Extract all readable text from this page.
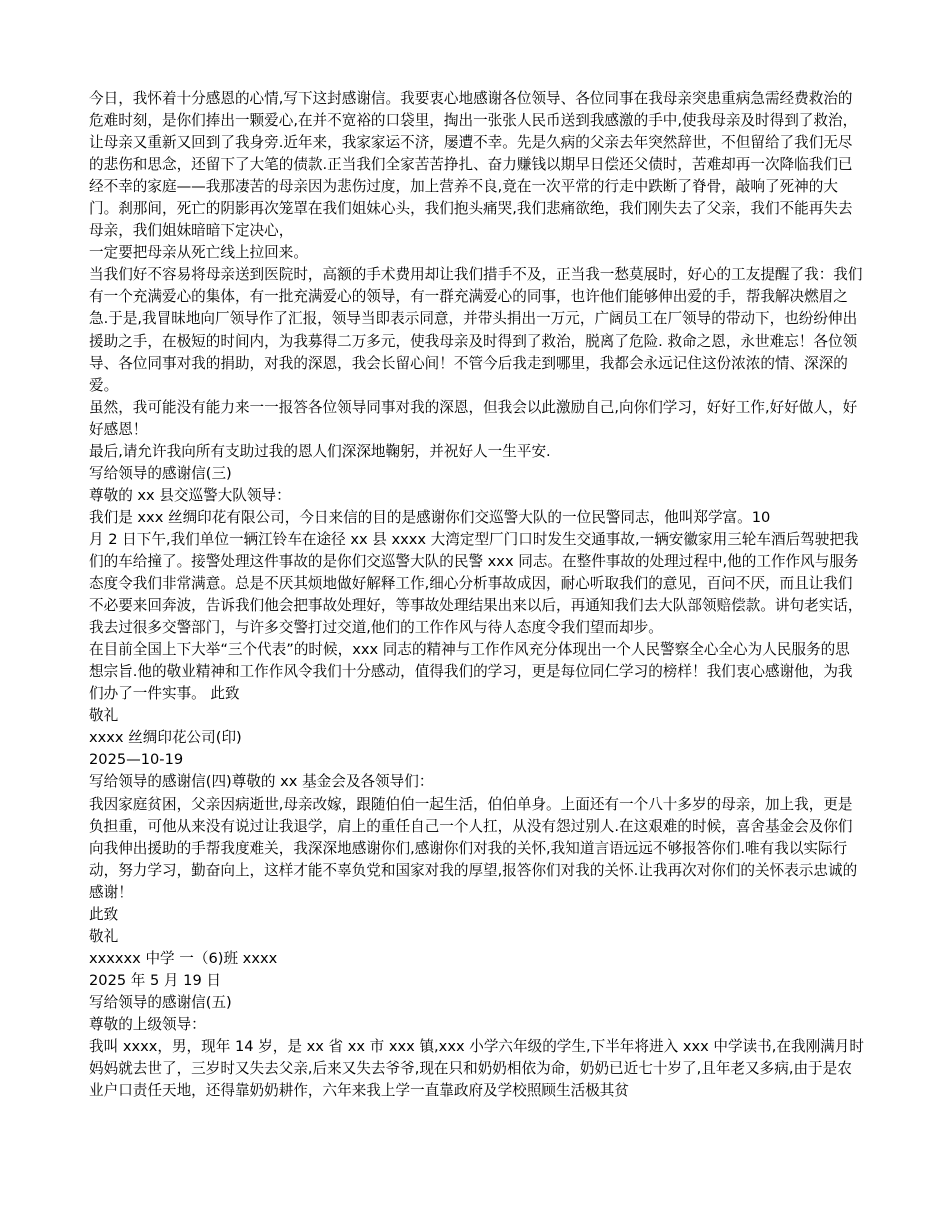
今日，我怀着十分感恩的心情,写下这封感谢信。我要衷心地感谢各位领导、各位同事在我母亲突患重病急需经费救治的危难时刻，是你们捧出一颗爱心,在并不宽裕的口袋里，掏出一张张人民币送到我感激的手中,使我母亲及时得到了救治，让母亲又重新又回到了我身旁.近年来，我家家运不济，屡遭不幸。先是久病的父亲去年突然辞世，不但留给了我们无尽的悲伤和思念，还留下了大笔的债款.正当我们全家苦苦挣扎、奋力赚钱以期早日偿还父债时，苦难却再一次降临我们已经不幸的家庭——我那凄苦的母亲因为悲伤过度，加上营养不良,竟在一次平常的行走中跌断了脊骨，敲响了死神的大门。刹那间，死亡的阴影再次笼罩在我们姐妹心头，我们抱头痛哭,我们悲痛欲绝，我们刚失去了父亲，我们不能再失去母亲，我们姐妹暗暗下定决心，
一定要把母亲从死亡线上拉回来。

当我们好不容易将母亲送到医院时，高额的手术费用却让我们措手不及，正当我一愁莫展时，好心的工友提醒了我：我们有一个充满爱心的集体，有一批充满爱心的领导，有一群充满爱心的同事，也许他们能够伸出爱的手，帮我解决燃眉之急.于是,我冒昧地向厂领导作了汇报，领导当即表示同意，并带头捐出一万元，广阔员工在厂领导的带动下，也纷纷伸出援助之手，在极短的时间内，为我募得二万多元，使我母亲及时得到了救治，脱离了危险. 救命之恩，永世难忘！各位领导、各位同事对我的捐助，对我的深恩，我会长留心间！不管今后我走到哪里，我都会永远记住这份浓浓的情、深深的爱。

虽然，我可能没有能力来一一报答各位领导同事对我的深恩，但我会以此激励自己,向你们学习，好好工作,好好做人，好好感恩！

最后,请允许我向所有支助过我的恩人们深深地鞠躬，并祝好人一生平安.

写给领导的感谢信(三)

尊敬的 xx 县交巡警大队领导：

我们是 xxx 丝绸印花有限公司，今日来信的目的是感谢你们交巡警大队的一位民警同志，他叫郑学富。10
月 2 日下午,我们单位一辆江铃车在途径 xx 县 xxxx 大湾定型厂门口时发生交通事故,一辆安徽家用三轮车酒后驾驶把我们的车给撞了。接警处理这件事故的是你们交巡警大队的民警 xxx 同志。在整件事故的处理过程中,他的工作作风与服务态度令我们非常满意。总是不厌其烦地做好解释工作,细心分析事故成因，耐心听取我们的意见，百问不厌，而且让我们不必要来回奔波，告诉我们他会把事故处理好，等事故处理结果出来以后，再通知我们去大队部领赔偿款。讲句老实话，我去过很多交警部门，与许多交警打过交道,他们的工作作风与待人态度令我们望而却步。

在目前全国上下大举“三个代表”的时候，xxx 同志的精神与工作作风充分体现出一个人民警察全心全心为人民服务的思想宗旨.他的敬业精神和工作作风令我们十分感动，值得我们的学习，更是每位同仁学习的榜样！我们衷心感谢他，为我们办了一件实事。 此致

敬礼

xxxx 丝绸印花公司(印)

2025—10-19

写给领导的感谢信(四)尊敬的 xx 基金会及各领导们：

我因家庭贫困，父亲因病逝世,母亲改嫁，跟随伯伯一起生活，伯伯单身。上面还有一个八十多岁的母亲，加上我，更是负担重，可他从来没有说过让我退学，肩上的重任自己一个人扛，从没有怨过别人.在这艰难的时候，喜舍基金会及你们向我伸出援助的手帮我度难关，我深深地感谢你们,感谢你们对我的关怀,我知道言语远远不够报答你们.唯有我以实际行动，努力学习，勤奋向上，这样才能不辜负党和国家对我的厚望,报答你们对我的关怀.让我再次对你们的关怀表示忠诚的感谢！

此致

敬礼

xxxxxx 中学 一（6)班 xxxx

2025 年 5 月 19 日

写给领导的感谢信(五)

尊敬的上级领导：

我叫 xxxx，男，现年 14 岁，是 xx 省 xx 市 xxx 镇,xxx 小学六年级的学生,下半年将进入 xxx 中学读书,在我刚满月时妈妈就去世了，三岁时又失去父亲,后来又失去爷爷,现在只和奶奶相依为命，奶奶已近七十岁了,且年老又多病,由于是农业户口责任天地，还得靠奶奶耕作，六年来我上学一直靠政府及学校照顾生活极其贫
